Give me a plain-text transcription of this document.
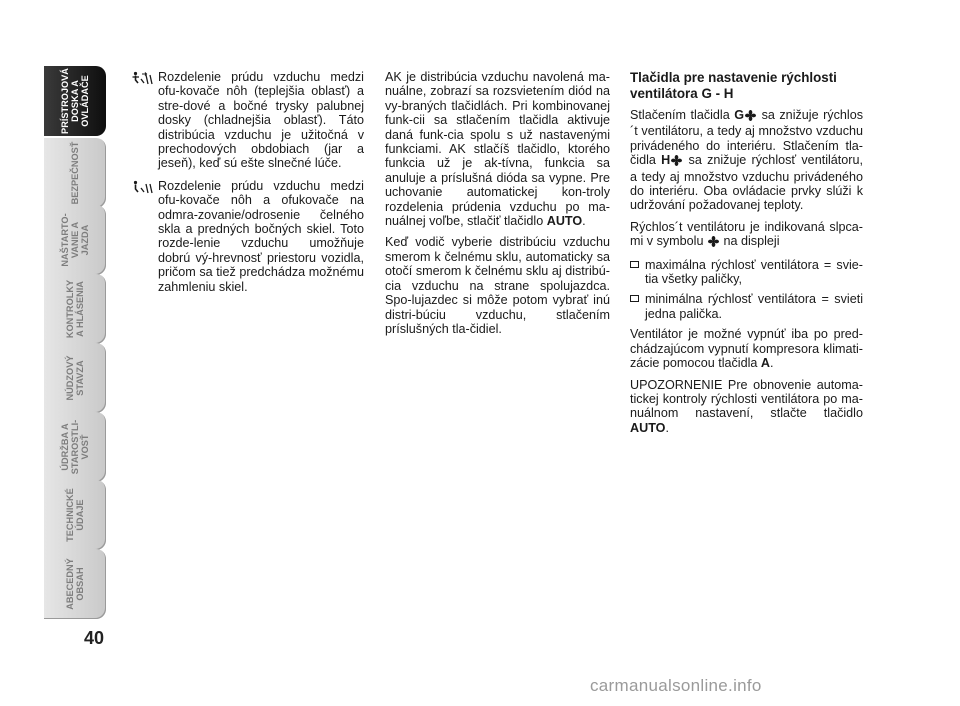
PRÍSTROJOVÁ
DOSKA A
OVLÁDAČE
BEZPEČNOSŤ
NAŠTARTO-
VANIE A
JAZDA
KONTROLKY
A HLÁSENIA
NÚDZOVÝ
STAVZA
ÚDRŽBA A
STAROSTLI-
VOSŤ
TECHNICKÉ
ÚDAJE
ABECEDNÝ
OBSAH
40

Rozdelenie prúdu vzduchu medzi ofu-kovače nôh (teplejšia oblasť) a stre-dové a bočné trysky palubnej dosky (chladnejšia oblasť). Táto distribúcia vzduchu je užitočná v prechodových obdobiach (jar a jeseň), keď sú ešte slnečné lúče.

Rozdelenie prúdu vzduchu medzi ofu-kovače nôh a ofukovače na odmra-zovanie/odrosenie čelného skla a predných bočných skiel. Toto rozde-lenie vzduchu umožňuje dobrú vý-hrevnosť priestoru vozidla, pričom sa tiež predchádza možnému zahmleniu skiel.

AK je distribúcia vzduchu navolená ma-nuálne, zobrazí sa rozsvietením diód na vy-braných tlačidlách. Pri kombinovanej funk-cii sa stlačením tlačidla aktivuje daná funk-cia spolu s už nastavenými funkciami. AK stlačíš tlačidlo, ktorého funkcia už je ak-tívna, funkcia sa anuluje a príslušná dióda sa vypne. Pre uchovanie automatickej kon-troly rozdelenia prúdenia vzduchu po ma-nuálnej voľbe, stlačiť tlačidlo AUTO.

Keď vodič vyberie distribúciu vzduchu smerom k čelnému sklu, automaticky sa otočí smerom k čelnému sklu aj distribú-cia vzduchu na strane spolujazdca. Spo-lujazdec si môže potom vybrať inú distri-búciu vzduchu, stlačením príslušných tla-čidiel.

Tlačidla pre nastavenie rýchlosti ventilátora G - H

Stlačením tlačidla G sa znižuje rýchlos´t ventilátoru, a tedy aj množstvo vzduchu privádeného do interiéru. Stlačením tla-čidla H sa znižuje rýchlosť ventilátoru, a tedy aj množstvo vzduchu privádeného do interiéru. Oba ovládacie prvky slúži k udržování požadovanej teploty.

Rýchlos´t ventilátoru je indikovaná slpca-mi v symbolu  na displeji

maximálna rýchlosť ventilátora = svie-tia všetky paličky,

minimálna rýchlosť ventilátora = svieti jedna palička.

Ventilátor je možné vypnúť iba po pred-chádzajúcom vypnutí kompresora klimati-zácie pomocou tlačidla A.

UPOZORNENIE Pre obnovenie automa-tickej kontroly rýchlosti ventilátora po ma-nuálnom nastavení, stlačte tlačidlo AUTO.

carmanualsonline.info
